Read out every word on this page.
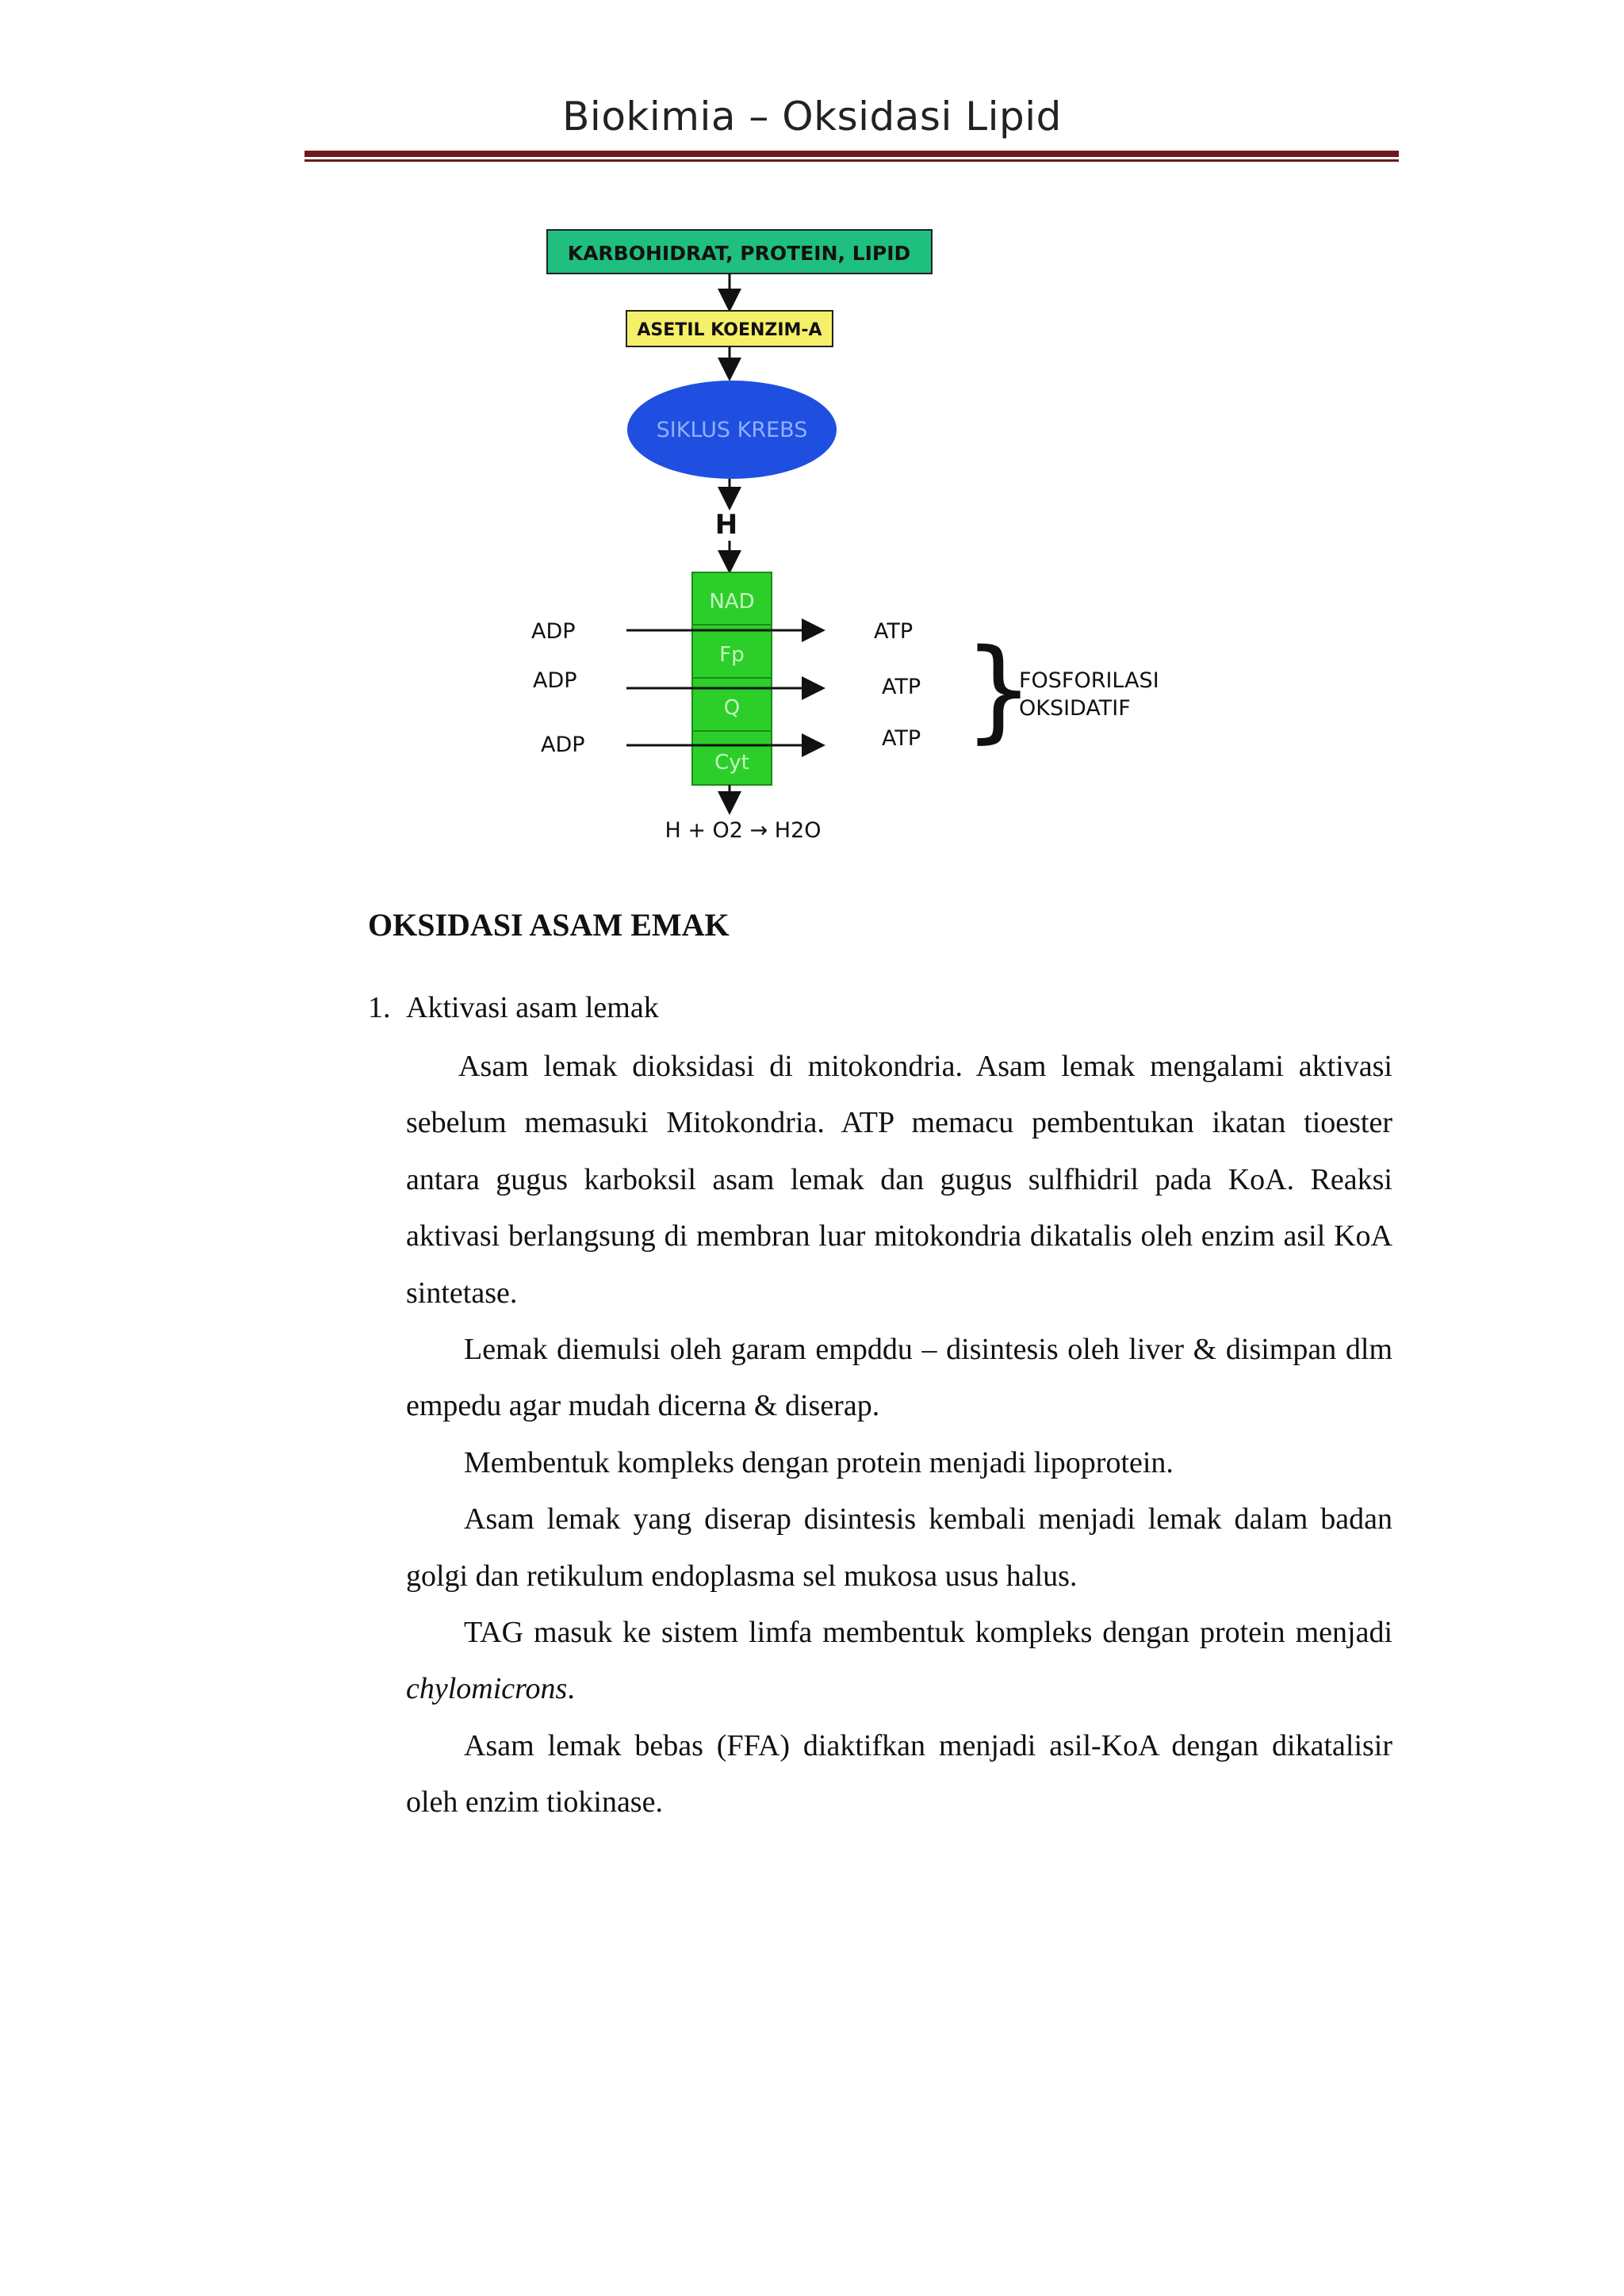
Biokimia – Oksidasi Lipid
KARBOHIDRAT, PROTEIN, LIPID
ASETIL KOENZIM-A
SIKLUS KREBS
H
NAD
Fp
Q
Cyt
ADP
ADP
ADP
ATP
ATP
ATP }
FOSFORILASI
OKSIDATIF
H + O2 → H2O
OKSIDASI ASAM EMAK
1. Aktivasi asam lemak

Asam lemak dioksidasi di mitokondria. Asam lemak mengalami aktivasi sebelum memasuki Mitokondria. ATP memacu pembentukan ikatan tioester antara gugus karboksil asam lemak dan gugus sulfhidril pada KoA. Reaksi aktivasi berlangsung di membran luar mitokondria dikatalis oleh enzim asil KoA sintetase.

Lemak diemulsi oleh garam empddu – disintesis oleh liver & disimpan dlm empedu agar mudah dicerna & diserap.

Membentuk kompleks dengan protein menjadi lipoprotein.

Asam lemak yang diserap disintesis kembali menjadi lemak dalam badan golgi dan retikulum endoplasma sel mukosa usus halus.

TAG masuk ke sistem limfa membentuk kompleks dengan protein menjadi chylomicrons.

Asam lemak bebas (FFA) diaktifkan menjadi asil-KoA dengan dikatalisir oleh enzim tiokinase.
